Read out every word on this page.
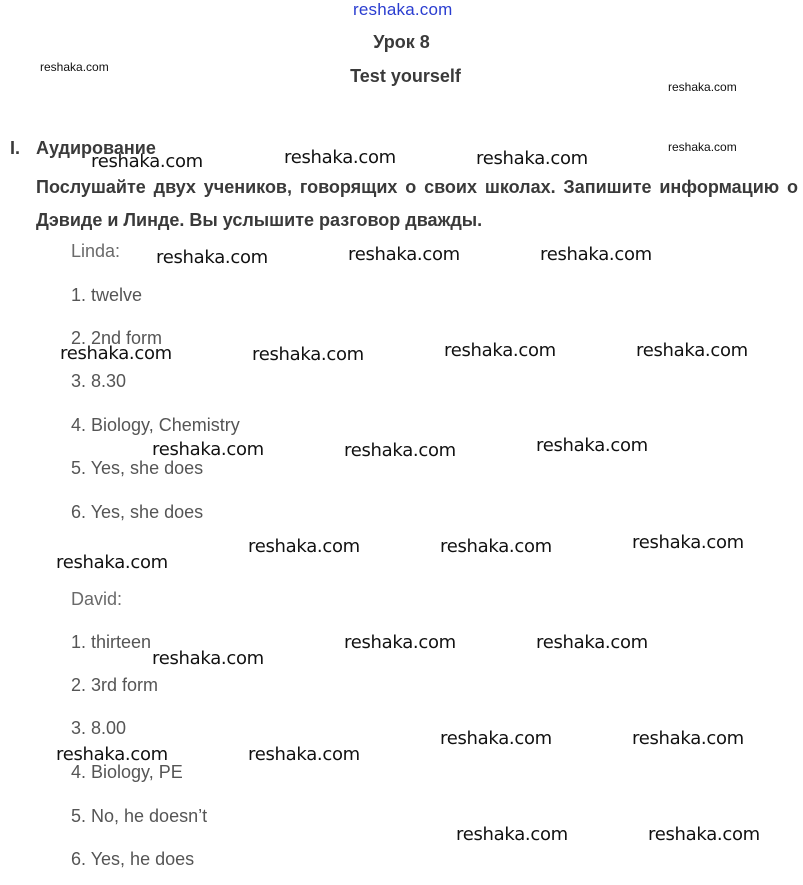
reshaka.com
Урок 8
Test yourself
I. Аудирование
Послушайте двух учеников, говорящих о своих школах. Запишите информацию о Дэвиде и Линде. Вы услышите разговор дважды.
Linda:
1. twelve
2. 2nd form
3. 8.30
4. Biology, Chemistry
5. Yes, she does
6. Yes, she does
David:
1. thirteen
2. 3rd form
3. 8.00
4. Biology, PE
5. No, he doesn’t
6. Yes, he does
reshaka.com
reshaka.com
reshaka.com
reshaka.com	reshaka.com	reshaka.com
reshaka.com	reshaka.com	reshaka.com
reshaka.com	reshaka.com	reshaka.com	reshaka.com
reshaka.com	reshaka.com	reshaka.com
reshaka.com	reshaka.com	reshaka.com
reshaka.com
reshaka.com	reshaka.com
reshaka.com
reshaka.com	reshaka.com
reshaka.com	reshaka.com
reshaka.com	reshaka.com
